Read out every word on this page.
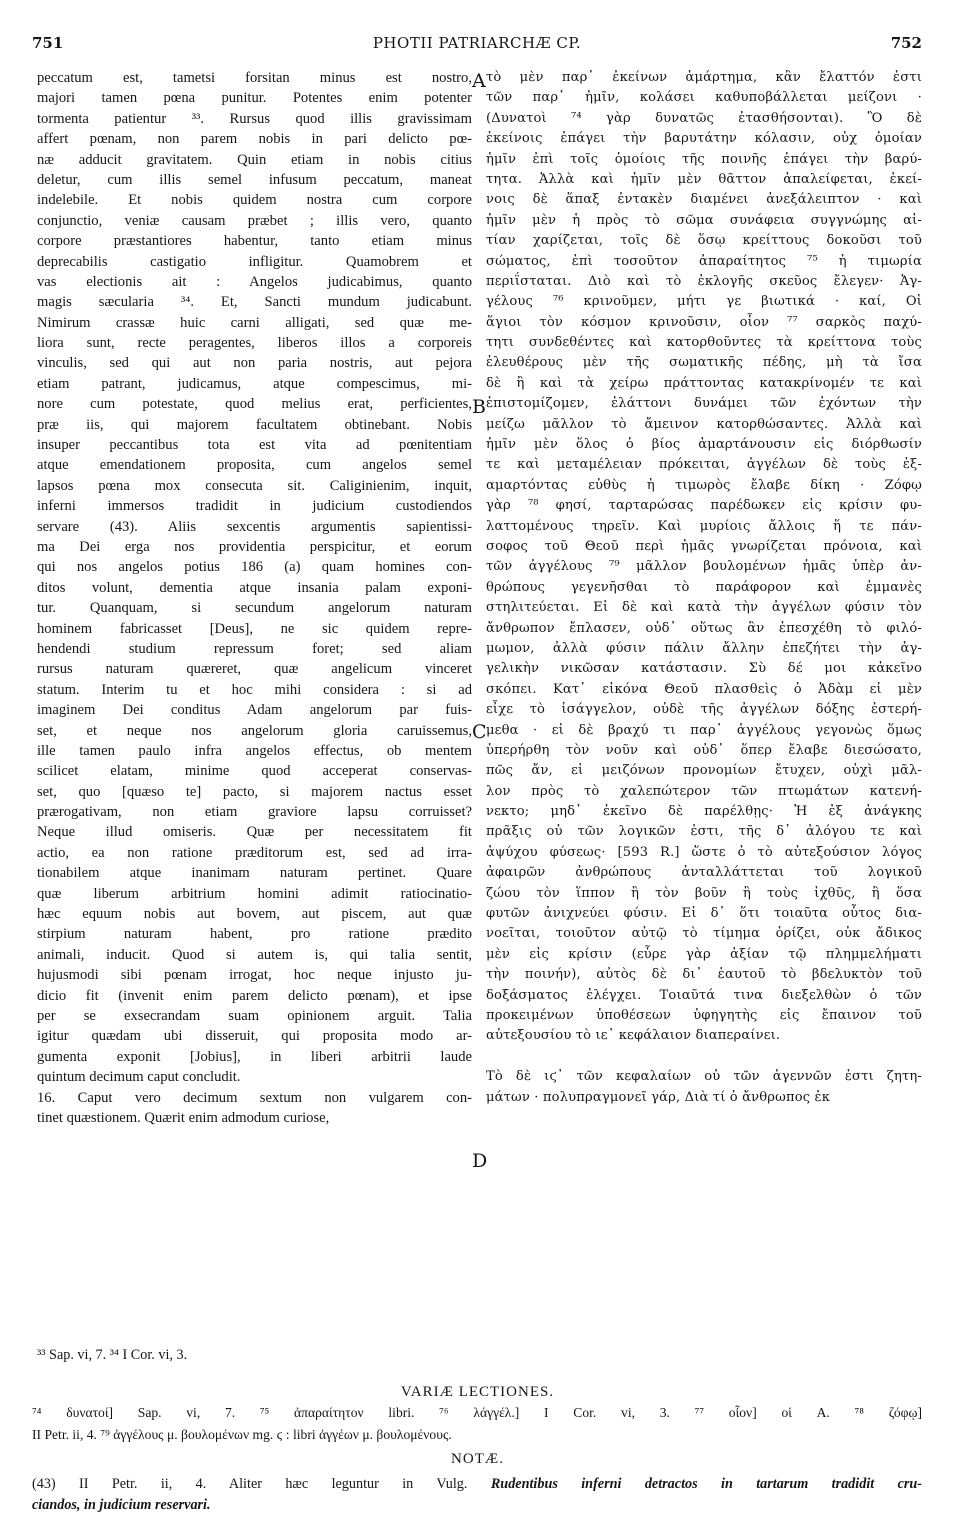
751	PHOTII PATRIARCHÆ CP.	752
peccatum est, tametsi forsitan minus est nostro,
majori tamen pœna punitur. Potentes enim potenter
tormenta patientur ³³. Rursus quod illis gravissimam
affert pœnam, non parem nobis in pari delicto pœ-
næ adducit gravitatem. Quin etiam in nobis citius
deletur, cum illis semel infusum peccatum, maneat
indelebile. Et nobis quidem nostra cum corpore
conjunctio, veniæ causam præbet ; illis vero, quanto
corpore præstantiores habentur, tanto etiam minus
deprecabilis castigatio infligitur. Quamobrem et
vas electionis ait : Angelos judicabimus, quanto
magis sæcularia ³⁴. Et, Sancti mundum judicabunt.
Nimirum crassæ huic carni alligati, sed quæ me-
liora sunt, recte peragentes, liberos illos a corporeis
vinculis, sed qui aut non paria nostris, aut pejora
etiam patrant, judicamus, atque compescimus, mi-
nore cum potestate, quod melius erat, perficientes,
præ iis, qui majorem facultatem obtinebant. Nobis
insuper peccantibus tota est vita ad pœnitentiam
atque emendationem proposita, cum angelos semel
lapsos pœna mox consecuta sit. Caliginienim, inquit,
inferni immersos tradidit in judicium custodiendos
servare (43). Aliis sexcentis argumentis sapientissi-
ma Dei erga nos providentia perspicitur, et eorum
qui nos angelos potius 186 (a) quam homines con-
ditos volunt, dementia atque insania palam exponi-
tur. Quanquam, si secundum angelorum naturam
hominem fabricasset [Deus], ne sic quidem repre-
hendendi studium repressum foret; sed aliam
rursus naturam quæreret, quæ angelicum vinceret
statum. Interim tu et hoc mihi considera : si ad
imaginem Dei conditus Adam angelorum par fuis-
set, et neque nos angelorum gloria caruissemus,
ille tamen paulo infra angelos effectus, ob mentem
scilicet elatam, minime quod acceperat conservas-
set, quo [quæso te] pacto, si majorem nactus esset
prærogativam, non etiam graviore lapsu corruisset?
Neque illud omiseris. Quæ per necessitatem fit
actio, ea non ratione præditorum est, sed ad irra-
tionabilem atque inanimam naturam pertinet. Quare
quæ liberum arbitrium homini adimit ratiocinatio-
hæc equum nobis aut bovem, aut piscem, aut quæ
stirpium naturam habent, pro ratione prædito
animali, inducit. Quod si autem is, qui talia sentit,
hujusmodi sibi pœnam irrogat, hoc neque injusto ju-
dicio fit (invenit enim parem delicto pœnam), et ipse
per se exsecrandam suam opinionem arguit. Talia
igitur quædam ubi disseruit, qui proposita modo ar-
gumenta exponit [Jobius], in liberi arbitrii laude
quintum decimum caput concludit.
16. Caput vero decimum sextum non vulgarem con-
tinet quæstionem. Quærit enim admodum curiose,
τὸ μὲν παρ᾽ ἐκείνων ἁμάρτημα, κἂν ἔλαττόν ἐστι
τῶν παρ᾽ ἡμῖν, κολάσει καθυποβάλλεται μείζονι ·
(Δυνατοὶ ⁷⁴ γὰρ δυνατῶς ἐτασθήσονται). Ὃ δὲ
ἐκείνοις ἐπάγει τὴν βαρυτάτην κόλασιν, οὐχ ὁμοίαν
ἡμῖν ἐπὶ τοῖς ὁμοίοις τῆς ποινῆς ἐπάγει τὴν βαρύ-
τητα. Ἀλλὰ καὶ ἡμῖν μὲν θᾶττον ἀπαλείφεται, ἐκεί-
νοις δὲ ἅπαξ ἐντακὲν διαμένει ἀνεξάλειπτον · καὶ
ἡμῖν μὲν ἡ πρὸς τὸ σῶμα συνάφεια συγγνώμης αἰ-
τίαν χαρίζεται, τοῖς δὲ ὅσῳ κρείττους δοκοῦσι τοῦ
σώματος, ἐπὶ τοσοῦτον ἀπαραίτητος ⁷⁵ ἡ τιμωρία
περιΐσταται. Διὸ καὶ τὸ ἐκλογῆς σκεῦος ἔλεγεν· Ἀγ-
γέλους ⁷⁶ κρινοῦμεν, μήτι γε βιωτικά · καί, Οἱ
ἅγιοι τὸν κόσμον κρινοῦσιν, οἷον ⁷⁷ σαρκὸς παχύ-
τητι συνδεθέντες καὶ κατορθοῦντες τὰ κρείττονα τοὺς
ἐλευθέρους μὲν τῆς σωματικῆς πέδης, μὴ τὰ ἴσα
δὲ ἢ καὶ τὰ χείρω πράττοντας κατακρίνομέν τε καὶ
ἐπιστομίζομεν, ἐλάττονι δυνάμει τῶν ἐχόντων τὴν
μείζω μᾶλλον τὸ ἄμεινον κατορθώσαντες. Ἀλλὰ καὶ
ἡμῖν μὲν ὅλος ὁ βίος ἁμαρτάνουσιν εἰς διόρθωσίν
τε καὶ μεταμέλειαν πρόκειται, ἀγγέλων δὲ τοὺς ἐξ-
αμαρτόντας εὐθὺς ἡ τιμωρὸς ἔλαβε δίκη · Ζόφῳ
γὰρ ⁷⁸ φησί, ταρταρώσας παρέδωκεν εἰς κρίσιν φυ-
λαττομένους τηρεῖν. Καὶ μυρίοις ἄλλοις ἥ τε πάν-
σοφος τοῦ Θεοῦ περὶ ἡμᾶς γνωρίζεται πρόνοια, καὶ
τῶν ἀγγέλους ⁷⁹ μᾶλλον βουλομένων ἡμᾶς ὑπὲρ ἀν-
θρώπους γεγενῆσθαι τὸ παράφορον καὶ ἐμμανὲς
στηλιτεύεται. Εἰ δὲ καὶ κατὰ τὴν ἀγγέλων φύσιν τὸν
ἄνθρωπον ἔπλασεν, οὐδ᾽ οὕτως ἂν ἐπεσχέθη τὸ φιλό-
μωμον, ἀλλὰ φύσιν πάλιν ἄλλην ἐπεζήτει τὴν ἀγ-
γελικὴν νικῶσαν κατάστασιν. Σὺ δέ μοι κἀκεῖνο
σκόπει. Κατ᾽ εἰκόνα Θεοῦ πλασθεὶς ὁ Ἀδὰμ εἰ μὲν
εἶχε τὸ ἰσάγγελον, οὐδὲ τῆς ἀγγέλων δόξης ἐστερή-
μεθα · εἰ δὲ βραχύ τι παρ᾽ ἀγγέλους γεγονὼς ὅμως
ὑπερήρθη τὸν νοῦν καὶ οὐδ᾽ ὅπερ ἔλαβε διεσώσατο,
πῶς ἄν, εἰ μειζόνων προνομίων ἔτυχεν, οὐχὶ μᾶλ-
λον πρὸς τὸ χαλεπώτερον τῶν πτωμάτων κατενή-
νεκτο; μηδ᾽ ἐκεῖνο δὲ παρέλθῃς· Ἡ ἐξ ἀνάγκης
πρᾶξις οὐ τῶν λογικῶν ἐστι, τῆς δ᾽ ἀλόγου τε καὶ
ἀψύχου φύσεως· [593 R.] ὥστε ὁ τὸ αὐτεξούσιον λόγος
ἀφαιρῶν ἀνθρώπους ἀνταλλάττεται τοῦ λογικοῦ
ζώου τὸν ἵππον ἢ τὸν βοῦν ἢ τοὺς ἰχθῦς, ἢ ὅσα
φυτῶν ἀνιχνεύει φύσιν. Εἰ δ᾽ ὅτι τοιαῦτα οὗτος δια-
νοεῖται, τοιοῦτον αὐτῷ τὸ τίμημα ὁρίζει, οὐκ ἄδικος
μὲν εἰς κρίσιν (εὗρε γὰρ ἀξίαν τῷ πλημμελήματι
τὴν ποινήν), αὐτὸς δὲ δι᾽ ἑαυτοῦ τὸ βδελυκτὸν τοῦ
δοξάσματος ἐλέγχει. Τοιαῦτά τινα διεξελθὼν ὁ τῶν
προκειμένων ὑποθέσεων ὑφηγητὴς εἰς ἔπαινον τοῦ
αὐτεξουσίου τὸ ιε᾽ κεφάλαιον διαπεραίνει.
Τὸ δὲ ιϛ᾽ τῶν κεφαλαίων οὐ τῶν ἀγεννῶν ἐστι ζητη-
μάτων · πολυπραγμονεῖ γάρ, Διὰ τί ὁ ἄνθρωπος ἐκ
A
B
C
D
³³ Sap. vi, 7. ³⁴ I Cor. vi, 3.
VARIÆ LECTIONES.
⁷⁴ δυνατοί] Sap. vi, 7. ⁷⁵ ἀπαραίτητον libri. ⁷⁶ λάγγέλ.] I Cor. vi, 3. ⁷⁷ οἷον] οἱ A. ⁷⁸ ζόφῳ]
II Petr. ii, 4. ⁷⁹ ἀγγέλους μ. βουλομένων mg. ϛ : libri ἀγγέων μ. βουλομένους.
NOTÆ.
(43) II Petr. ii, 4. Aliter hæc leguntur in Vulg. Rudentibus inferni detractos in tartarum tradidit cru-
ciandos, in judicium reservari.
